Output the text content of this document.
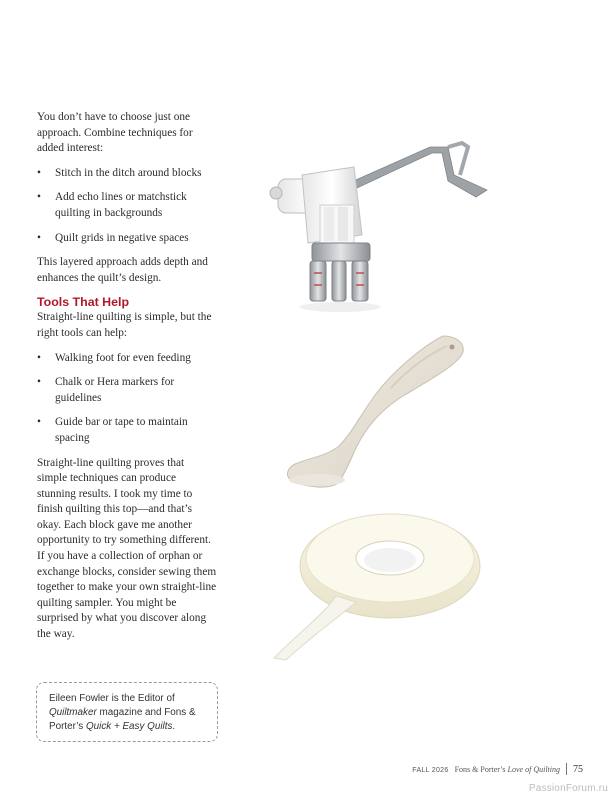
You don’t have to choose just one approach. Combine techniques for added interest:

• Stitch in the ditch around blocks
• Add echo lines or matchstick quilting in backgrounds
• Quilt grids in negative spaces

This layered approach adds depth and enhances the quilt’s design.

Tools That Help

Straight-line quilting is simple, but the right tools can help:

• Walking foot for even feeding
• Chalk or Hera markers for guidelines
• Guide bar or tape to maintain spacing

Straight-line quilting proves that simple techniques can produce stunning results. I took my time to finish quilting this top—and that’s okay. Each block gave me another opportunity to try something different. If you have a collection of orphan or exchange blocks, consider sewing them together to make your own straight-line quilting sampler. You might be surprised by what you discover along the way.

Eileen Fowler is the Editor of Quiltmaker magazine and Fons & Porter’s Quick + Easy Quilts.
FALL 2026 Fons & Porter’s Love of Quilting 75
PassionForum.ru
